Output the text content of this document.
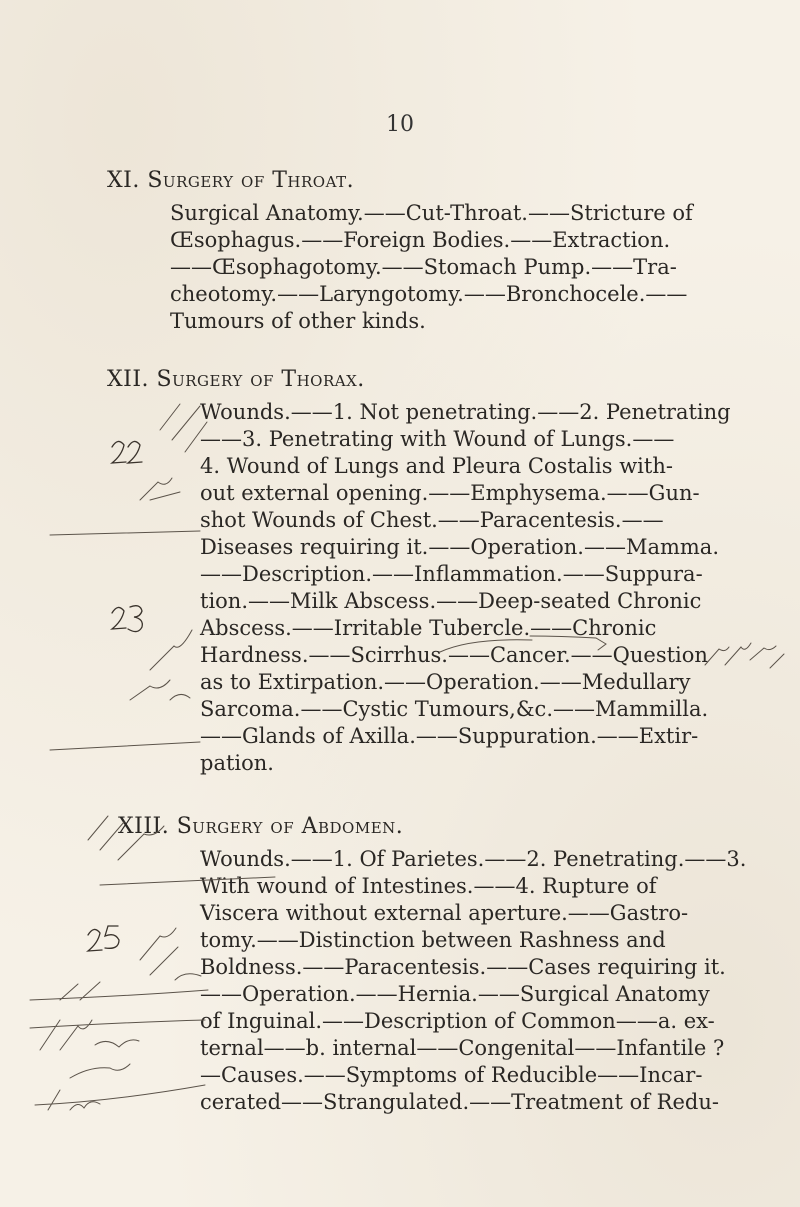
10
XI. Surgery of Throat.
Surgical Anatomy.——Cut-Throat.——Stricture of
Œsophagus.——Foreign Bodies.——Extraction.
——Œsophagotomy.——Stomach Pump.——Tra-
cheotomy.——Laryngotomy.——Bronchocele.——
Tumours of other kinds.
XII. Surgery of Thorax.
Wounds.——1. Not penetrating.——2. Penetrating
——3. Penetrating with Wound of Lungs.——
4. Wound of Lungs and Pleura Costalis with-
out external opening.——Emphysema.——Gun-
shot Wounds of Chest.——Paracentesis.——
Diseases requiring it.——Operation.——Mamma.
——Description.——Inflammation.——Suppura-
tion.——Milk Abscess.——Deep-seated Chronic
Abscess.——Irritable Tubercle.——Chronic
Hardness.——Scirrhus.——Cancer.——Question
as to Extirpation.——Operation.——Medullary
Sarcoma.——Cystic Tumours,&c.——Mammilla.
——Glands of Axilla.——Suppuration.——Extir-
pation.
XIII. Surgery of Abdomen.
Wounds.——1. Of Parietes.——2. Penetrating.——3.
With wound of Intestines.——4. Rupture of
Viscera without external aperture.——Gastro-
tomy.——Distinction between Rashness and
Boldness.——Paracentesis.——Cases requiring it.
——Operation.——Hernia.——Surgical Anatomy
of Inguinal.——Description of Common——a. ex-
ternal——b. internal——Congenital——Infantile ?
—Causes.——Symptoms of Reducible——Incar-
cerated——Strangulated.——Treatment of Redu-
